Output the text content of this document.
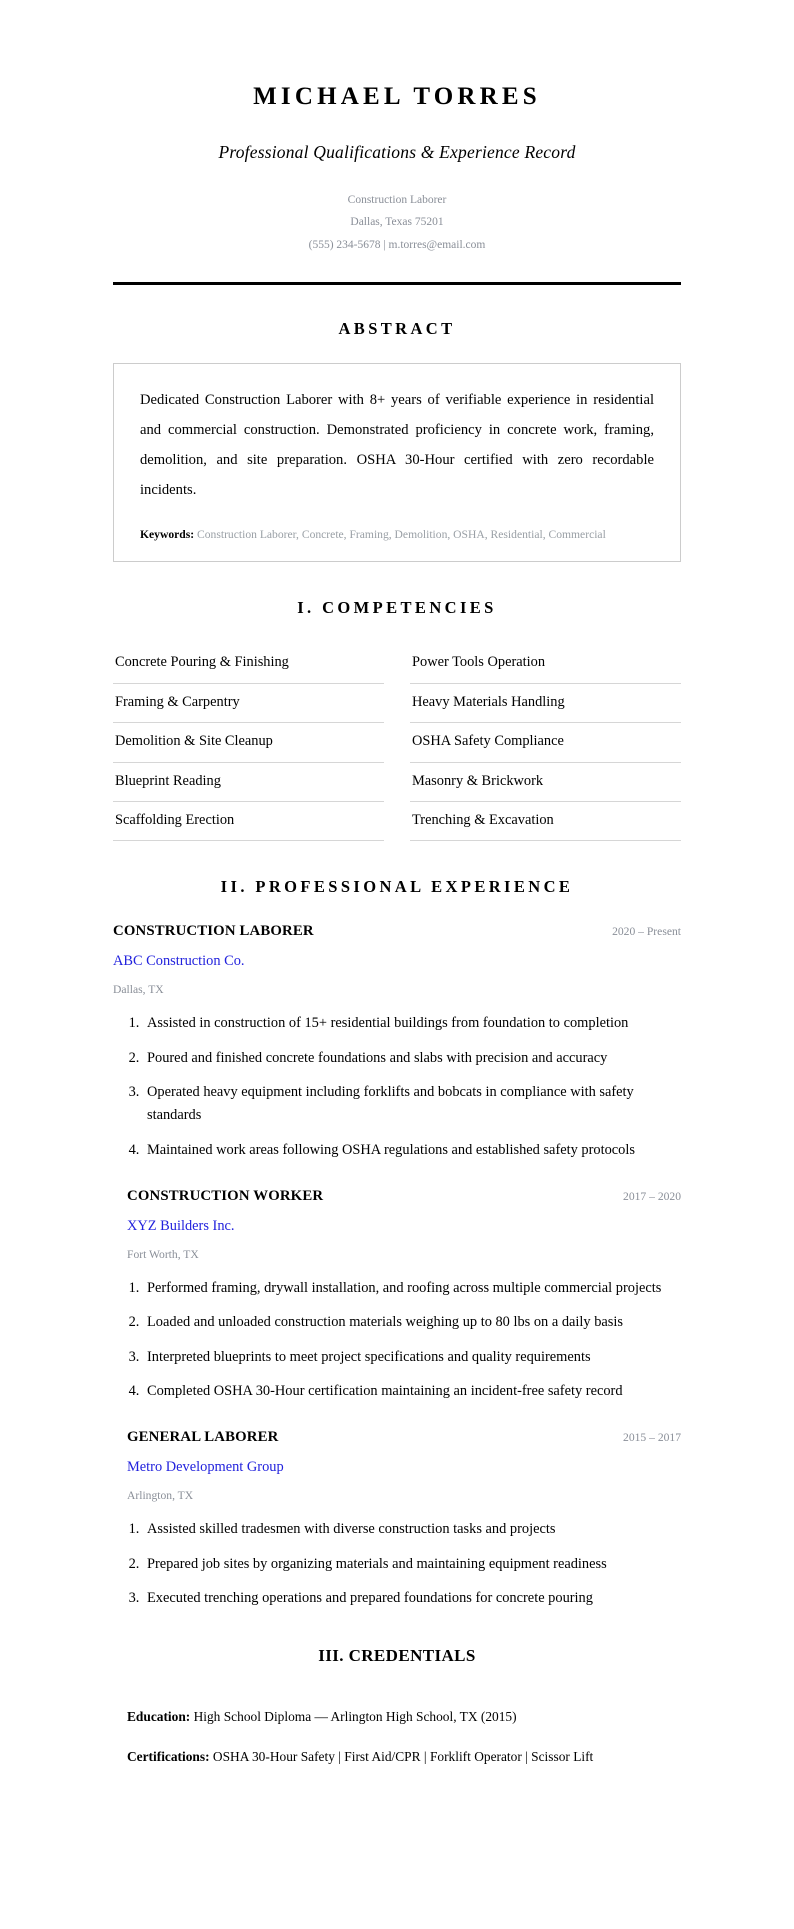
MICHAEL TORRES
Professional Qualifications & Experience Record
Construction Laborer
Dallas, Texas 75201
(555) 234-5678 | m.torres@email.com
ABSTRACT

Dedicated Construction Laborer with 8+ years of verifiable experience in residential and commercial construction. Demonstrated proficiency in concrete work, framing, demolition, and site preparation. OSHA 30-Hour certified with zero recordable incidents.

Keywords: Construction Laborer, Concrete, Framing, Demolition, OSHA, Residential, Commercial
I. COMPETENCIES
Concrete Pouring & Finishing	Power Tools Operation
Framing & Carpentry	Heavy Materials Handling
Demolition & Site Cleanup	OSHA Safety Compliance
Blueprint Reading	Masonry & Brickwork
Scaffolding Erection	Trenching & Excavation
II. PROFESSIONAL EXPERIENCE
CONSTRUCTION LABORER	2020 – Present
ABC Construction Co.
Dallas, TX
1. Assisted in construction of 15+ residential buildings from foundation to completion
2. Poured and finished concrete foundations and slabs with precision and accuracy
3. Operated heavy equipment including forklifts and bobcats in compliance with safety standards
4. Maintained work areas following OSHA regulations and established safety protocols
CONSTRUCTION WORKER	2017 – 2020
XYZ Builders Inc.
Fort Worth, TX
1. Performed framing, drywall installation, and roofing across multiple commercial projects
2. Loaded and unloaded construction materials weighing up to 80 lbs on a daily basis
3. Interpreted blueprints to meet project specifications and quality requirements
4. Completed OSHA 30-Hour certification maintaining an incident-free safety record
GENERAL LABORER	2015 – 2017
Metro Development Group
Arlington, TX
1. Assisted skilled tradesmen with diverse construction tasks and projects
2. Prepared job sites by organizing materials and maintaining equipment readiness
3. Executed trenching operations and prepared foundations for concrete pouring
III. CREDENTIALS
Education: High School Diploma — Arlington High School, TX (2015)
Certifications: OSHA 30-Hour Safety | First Aid/CPR | Forklift Operator | Scissor Lift
